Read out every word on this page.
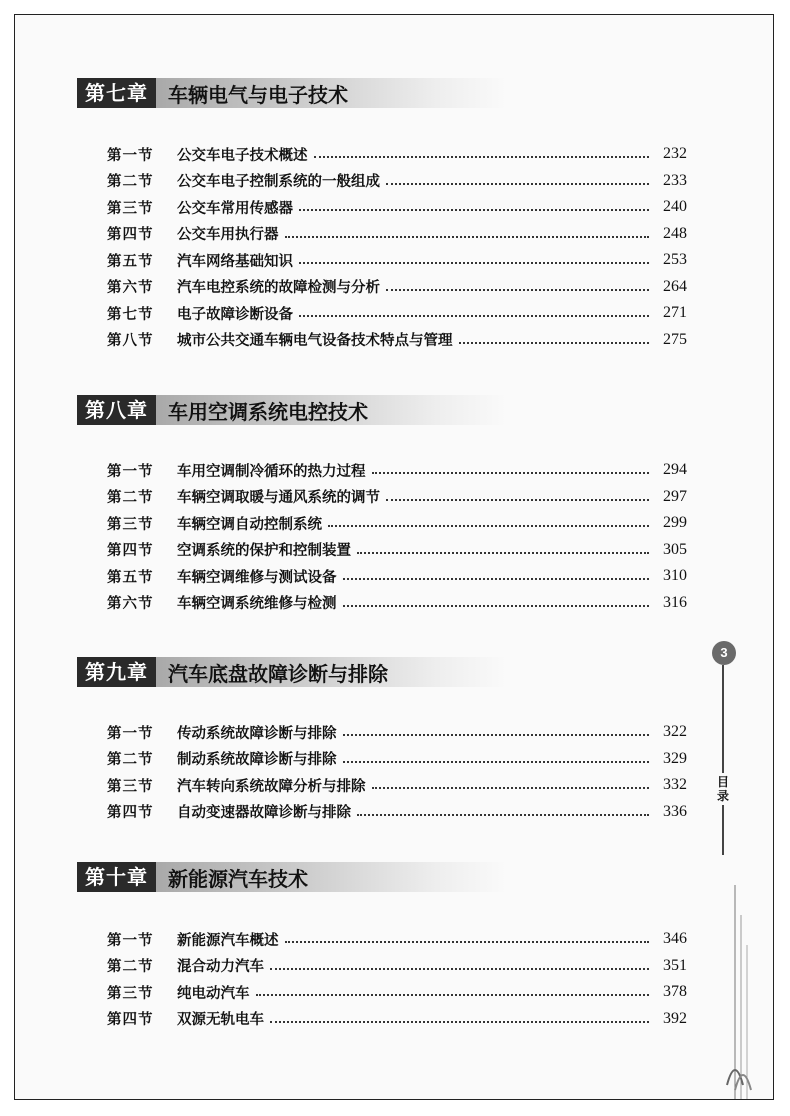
第七章	车辆电气与电子技术
第一节	公交车电子技术概述	232
第二节	公交车电子控制系统的一般组成	233
第三节	公交车常用传感器	240
第四节	公交车用执行器	248
第五节	汽车网络基础知识	253
第六节	汽车电控系统的故障检测与分析	264
第七节	电子故障诊断设备	271
第八节	城市公共交通车辆电气设备技术特点与管理	275
第八章	车用空调系统电控技术
第一节	车用空调制冷循环的热力过程	294
第二节	车辆空调取暖与通风系统的调节	297
第三节	车辆空调自动控制系统	299
第四节	空调系统的保护和控制装置	305
第五节	车辆空调维修与测试设备	310
第六节	车辆空调系统维修与检测	316
第九章	汽车底盘故障诊断与排除
第一节	传动系统故障诊断与排除	322
第二节	制动系统故障诊断与排除	329
第三节	汽车转向系统故障分析与排除	332
第四节	自动变速器故障诊断与排除	336
第十章	新能源汽车技术
第一节	新能源汽车概述	346
第二节	混合动力汽车	351
第三节	纯电动汽车	378
第四节	双源无轨电车	392
3
目录
